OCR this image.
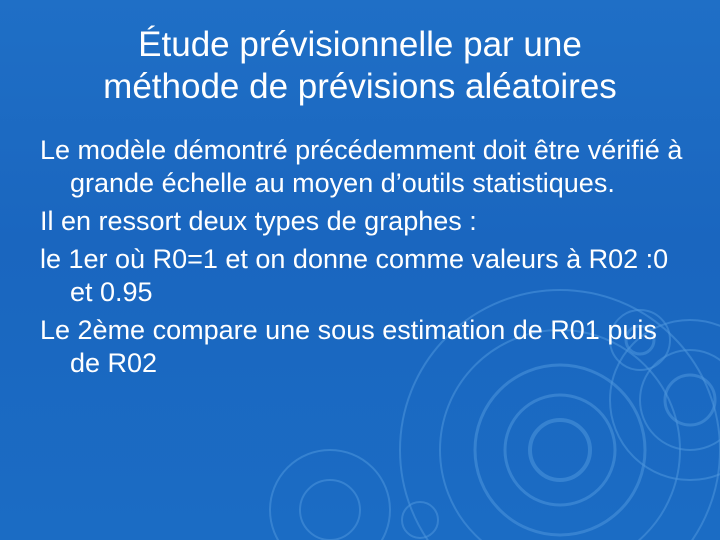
Étude prévisionnelle par une
méthode de prévisions aléatoires

Le modèle démontré précédemment doit être vérifié à grande échelle au moyen d’outils statistiques.

Il en ressort deux types de graphes :

le 1er où R0=1 et on donne comme valeurs à R02 :0 et 0.95

Le 2ème compare une sous estimation de R01 puis de R02
